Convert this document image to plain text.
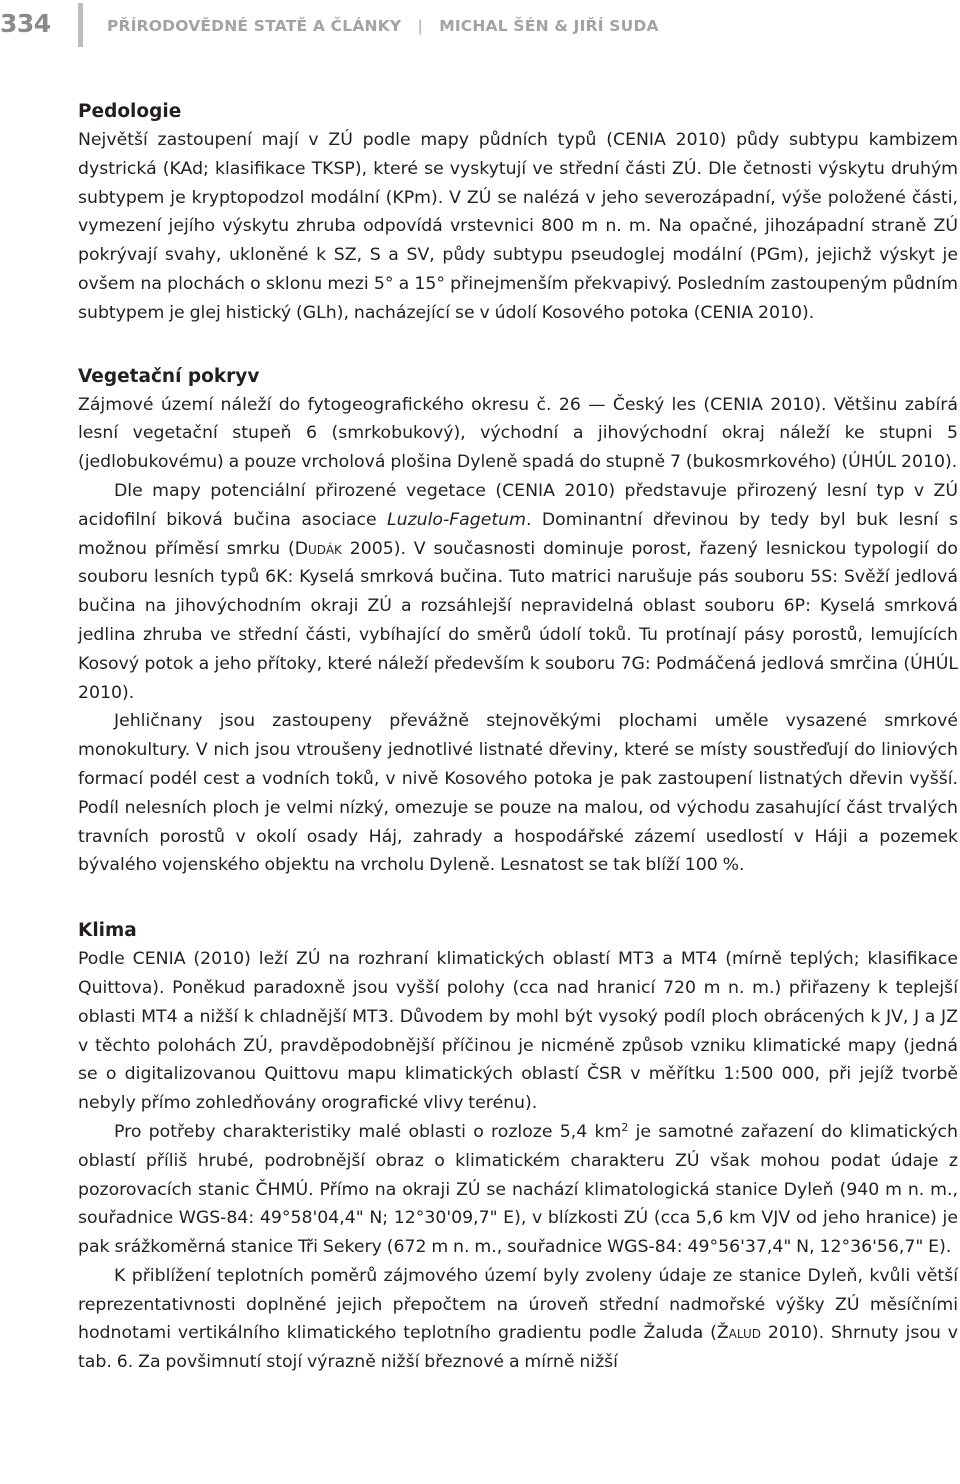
334	PŘÍRODOVĚDNÉ STATĚ A ČLÁNKY | MICHAL ŠÉN & JIŘÍ SUDA
Pedologie

Největší zastoupení mají v ZÚ podle mapy půdních typů (CENIA 2010) půdy subtypu kambizem dystrická (KAd; klasifikace TKSP), které se vyskytují ve střední části ZÚ. Dle četnosti výskytu druhým subtypem je kryptopodzol modální (KPm). V ZÚ se nalézá v jeho severozápadní, výše položené části, vymezení jejího výskytu zhruba odpovídá vrstevnici 800 m n. m. Na opačné, jihozápadní straně ZÚ pokrývají svahy, ukloněné k SZ, S a SV, půdy subtypu pseudoglej modální (PGm), jejichž výskyt je ovšem na plochách o sklonu mezi 5° a 15° přinejmenším překvapivý. Posledním zastoupeným půdním subtypem je glej histický (GLh), nacházející se v údolí Kosového potoka (CENIA 2010).

Vegetační pokryv

Zájmové území náleží do fytogeografického okresu č. 26 — Český les (CENIA 2010). Většinu zabírá lesní vegetační stupeň 6 (smrkobukový), východní a jihovýchodní okraj náleží ke stupni 5 (jedlobukovému) a pouze vrcholová plošina Dyleně spadá do stupně 7 (bukosmrkového) (ÚHÚL 2010).

Dle mapy potenciální přirozené vegetace (CENIA 2010) představuje přirozený lesní typ v ZÚ acidofilní biková bučina asociace Luzulo-Fagetum. Dominantní dřevinou by tedy byl buk lesní s možnou příměsí smrku (Dudák 2005). V současnosti dominuje porost, řazený lesnickou typologií do souboru lesních typů 6K: Kyselá smrková bučina. Tuto matrici narušuje pás souboru 5S: Svěží jedlová bučina na jihovýchodním okraji ZÚ a rozsáhlejší nepravidelná oblast souboru 6P: Kyselá smrková jedlina zhruba ve střední části, vybíhající do směrů údolí toků. Tu protínají pásy porostů, lemujících Kosový potok a jeho přítoky, které náleží především k souboru 7G: Podmáčená jedlová smrčina (ÚHÚL 2010).

Jehličnany jsou zastoupeny převážně stejnověkými plochami uměle vysazené smrkové monokultury. V nich jsou vtroušeny jednotlivé listnaté dřeviny, které se místy soustřeďují do liniových formací podél cest a vodních toků, v nivě Kosového potoka je pak zastoupení listnatých dřevin vyšší. Podíl nelesních ploch je velmi nízký, omezuje se pouze na malou, od východu zasahující část trvalých travních porostů v okolí osady Háj, zahrady a hospodářské zázemí usedlostí v Háji a pozemek bývalého vojenského objektu na vrcholu Dyleně. Lesnatost se tak blíží 100 %.

Klima

Podle CENIA (2010) leží ZÚ na rozhraní klimatických oblastí MT3 a MT4 (mírně teplých; klasifikace Quittova). Poněkud paradoxně jsou vyšší polohy (cca nad hranicí 720 m n. m.) přiřazeny k teplejší oblasti MT4 a nižší k chladnější MT3. Důvodem by mohl být vysoký podíl ploch obrácených k JV, J a JZ v těchto polohách ZÚ, pravděpodobnější příčinou je nicméně způsob vzniku klimatické mapy (jedná se o digitalizovanou Quittovu mapu klimatických oblastí ČSR v měřítku 1:500 000, při jejíž tvorbě nebyly přímo zohledňovány orografické vlivy terénu).

Pro potřeby charakteristiky malé oblasti o rozloze 5,4 $km^2$ je samotné zařazení do klimatických oblastí příliš hrubé, podrobnější obraz o klimatickém charakteru ZÚ však mohou podat údaje z pozorovacích stanic ČHMÚ. Přímo na okraji ZÚ se nachází klimatologická stanice Dyleň (940 m n. m., souřadnice WGS-84: 49°58'04,4" N; 12°30'09,7" E), v blízkosti ZÚ (cca 5,6 km VJV od jeho hranice) je pak srážkoměrná stanice Tři Sekery (672 m n. m., souřadnice WGS-84: 49°56'37,4" N, 12°36'56,7" E).

K přiblížení teplotních poměrů zájmového území byly zvoleny údaje ze stanice Dyleň, kvůli větší reprezentativnosti doplněné jejich přepočtem na úroveň střední nadmořské výšky ZÚ měsíčními hodnotami vertikálního klimatického teplotního gradientu podle Žaluda (Žalud 2010). Shrnuty jsou v tab. 6. Za povšimnutí stojí výrazně nižší březnové a mírně nižší
